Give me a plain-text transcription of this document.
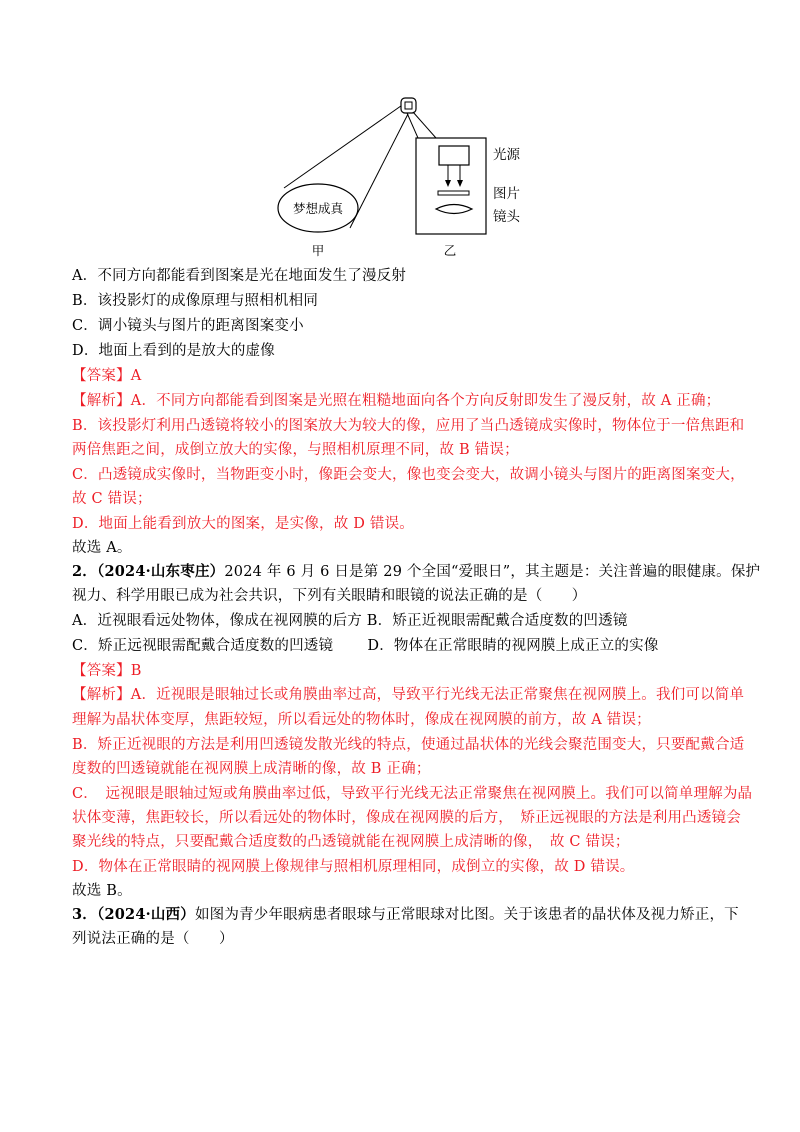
梦想成真
光源
图片
镜头
甲	乙
A．不同方向都能看到图案是光在地面发生了漫反射
B．该投影灯的成像原理与照相机相同
C．调小镜头与图片的距离图案变小
D．地面上看到的是放大的虚像
【答案】A
【解析】A．不同方向都能看到图案是光照在粗糙地面向各个方向反射即发生了漫反射，故 A 正确；
B．该投影灯利用凸透镜将较小的图案放大为较大的像，应用了当凸透镜成实像时，物体位于一倍焦距和
两倍焦距之间，成倒立放大的实像，与照相机原理不同，故 B 错误；
C．凸透镜成实像时，当物距变小时，像距会变大，像也变会变大，故调小镜头与图片的距离图案变大，
故 C 错误；
D．地面上能看到放大的图案，是实像，故 D 错误。
故选 A。
2．（2024·山东枣庄）2024 年 6 月 6 日是第 29 个全国“爱眼日”，其主题是：关注普遍的眼健康。保护
视力、科学用眼已成为社会共识，下列有关眼睛和眼镜的说法正确的是（　　）
A．近视眼看远处物体，像成在视网膜的后方 B．矫正近视眼需配戴合适度数的凹透镜
C．矫正远视眼需配戴合适度数的凹透镜　　 D．物体在正常眼睛的视网膜上成正立的实像
【答案】B
【解析】A．近视眼是眼轴过长或角膜曲率过高，导致平行光线无法正常聚焦在视网膜上。我们可以简单
理解为晶状体变厚，焦距较短，所以看远处的物体时，像成在视网膜的前方，故 A 错误；
B．矫正近视眼的方法是利用凹透镜发散光线的特点，使通过晶状体的光线会聚范围变大，只要配戴合适
度数的凹透镜就能在视网膜上成清晰的像，故 B 正确；
C．　远视眼是眼轴过短或角膜曲率过低，导致平行光线无法正常聚焦在视网膜上。我们可以简单理解为晶
状体变薄，焦距较长，所以看远处的物体时，像成在视网膜的后方，　矫正远视眼的方法是利用凸透镜会
聚光线的特点，只要配戴合适度数的凸透镜就能在视网膜上成清晰的像，　故 C 错误；
D．物体在正常眼睛的视网膜上像规律与照相机原理相同，成倒立的实像，故 D 错误。
故选 B。
3．（2024·山西）如图为青少年眼病患者眼球与正常眼球对比图。关于该患者的晶状体及视力矫正，下
列说法正确的是（　　）
